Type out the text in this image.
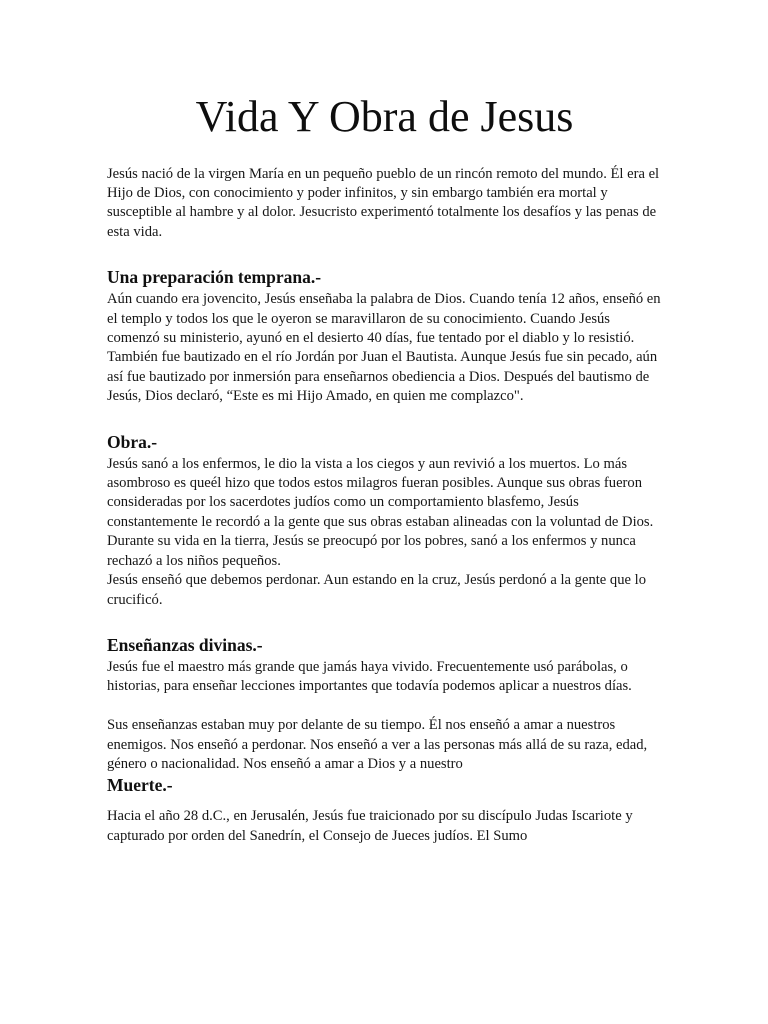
Vida Y Obra de Jesus

Jesús nació de la virgen María en un pequeño pueblo de un rincón remoto del mundo. Él era el Hijo de Dios, con conocimiento y poder infinitos, y sin embargo también era mortal y susceptible al hambre y al dolor. Jesucristo experimentó totalmente los desafíos y las penas de esta vida.

Una preparación temprana.-

Aún cuando era jovencito, Jesús enseñaba la palabra de Dios. Cuando tenía 12 años, enseñó en el templo y todos los que le oyeron se maravillaron de su conocimiento. Cuando Jesús comenzó su ministerio, ayunó en el desierto 40 días, fue tentado por el diablo y lo resistió. También fue bautizado en el río Jordán por Juan el Bautista. Aunque Jesús fue sin pecado, aún así fue bautizado por inmersión para enseñarnos obediencia a Dios. Después del bautismo de Jesús, Dios declaró, “Este es mi Hijo Amado, en quien me complazco".

Obra.-

Jesús sanó a los enfermos, le dio la vista a los ciegos y aun revivió a los muertos. Lo más asombroso es queél hizo que todos estos milagros fueran posibles. Aunque sus obras fueron consideradas por los sacerdotes judíos como un comportamiento blasfemo, Jesús constantemente le recordó a la gente que sus obras estaban alineadas con la voluntad de Dios.

Durante su vida en la tierra, Jesús se preocupó por los pobres, sanó a los enfermos y nunca rechazó a los niños pequeños.

Jesús enseñó que debemos perdonar. Aun estando en la cruz, Jesús perdonó a la gente que lo crucificó.

Enseñanzas divinas.-

Jesús fue el maestro más grande que jamás haya vivido. Frecuentemente usó parábolas, o historias, para enseñar lecciones importantes que todavía podemos aplicar a nuestros días.

Sus enseñanzas estaban muy por delante de su tiempo. Él nos enseñó a amar a nuestros enemigos. Nos enseñó a perdonar. Nos enseñó a ver a las personas más allá de su raza, edad, género o nacionalidad. Nos enseñó a amar a Dios y a nuestro

Muerte.-

Hacia el año 28 d.C., en Jerusalén, Jesús fue traicionado por su discípulo Judas Iscariote y capturado por orden del Sanedrín, el Consejo de Jueces judíos. El Sumo
